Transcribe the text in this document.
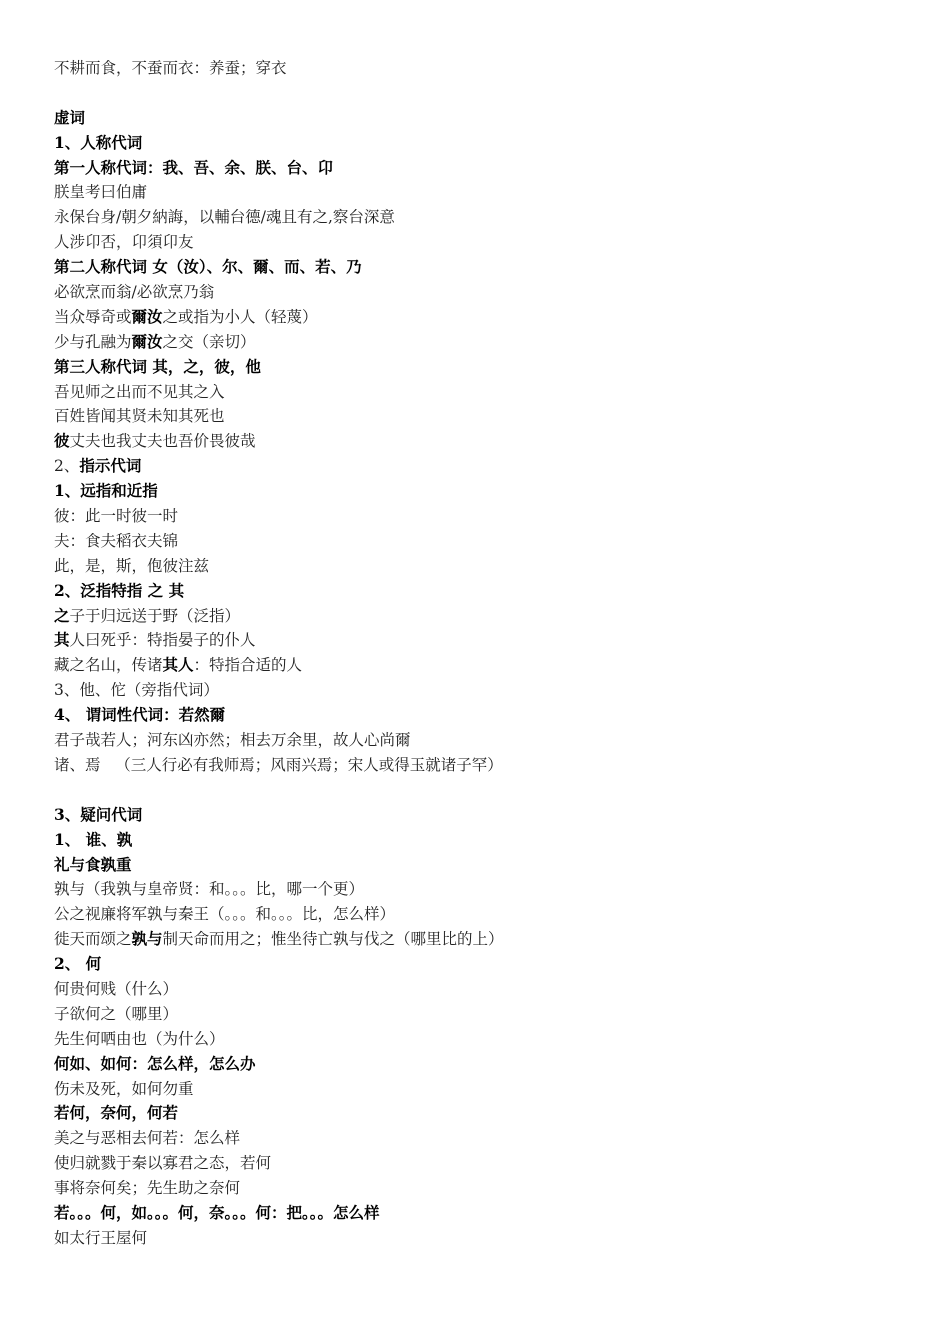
不耕而食，不蚕而衣：养蚕；穿衣
虚词
1、人称代词
第一人称代词：我、吾、余、朕、台、卬
朕皇考曰伯庸
永保台身/朝夕納誨，以輔台德/魂且有之,察台深意
人涉卬否，卬須卬友
第二人称代词 女（汝）、尔、爾、而、若、乃
必欲烹而翁/必欲烹乃翁
当众辱奇或爾汝之或指为小人（轻蔑）
少与孔融为爾汝之交（亲切）
第三人称代词 其，之，彼，他
吾见师之出而不见其之入
百姓皆闻其贤未知其死也
彼丈夫也我丈夫也吾价畏彼哉
2、指示代词
1、远指和近指
彼：此一时彼一时
夫：食夫稻衣夫锦
此，是，斯，佨彼注兹
2、泛指特指 之 其
之子于归远送于野（泛指）
其人曰死乎：特指晏子的仆人
藏之名山，传诸其人：特指合适的人
3、他、佗（旁指代词）
4、 谓词性代词：若然爾
君子哉若人；河东凶亦然；相去万余里，故人心尚爾
诸、焉   （三人行必有我师焉；风雨兴焉；宋人或得玉就诸子罕）
3、疑问代词
1、 谁、孰
礼与食孰重
孰与（我孰与皇帝贤：和。。。比，哪一个更）
公之视廉将军孰与秦王（。。。和。。。比，怎么样）
徙天而颂之孰与制天命而用之；惟坐待亡孰与伐之（哪里比的上）
2、 何
何贵何贱（什么）
子欲何之（哪里）
先生何哂由也（为什么）
何如、如何：怎么样，怎么办
伤未及死，如何勿重
若何，奈何，何若
美之与恶相去何若：怎么样
使归就戮于秦以寡君之态，若何
事将奈何矣；先生助之奈何
若。。。何，如。。。何，奈。。。何：把。。。怎么样
如太行王屋何
